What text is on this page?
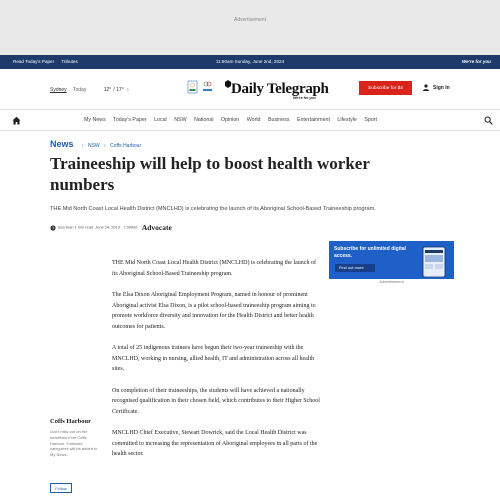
Advertisement
Read Today's Paper Tributes	11:50am Sunday, June 2nd, 2024	We're for you
Sydney Today	12° / 17° ›	Daily Telegraph
We're for you
Subscribe for $4	Sign In
My News Today's Paper Local NSW National Opinion World Business Entertainment Lifestyle Sport
News › NSW › Coffs Harbour
Traineeship will help to boost health worker numbers
THE Mid North Coast Local Health District (MNCLHD) is celebrating the launch of its Aboriginal School-Based Traineeship program.
less than 1 min read June 24, 2013 · 7:30AM Advocate

THE Mid North Coast Local Health District (MNCLHD) is celebrating the launch of its Aboriginal School-Based Traineeship program.

The Elsa Dixon Aboriginal Employment Program, named in honour of prominent Aboriginal activist Elsa Dixon, is a pilot school-based traineeship program aiming to promote workforce diversity and innovation for the Health District and better health outcomes for patients.

A total of 25 indigenous trainees have begun their two-year traineeship with the MNCLHD, working in nursing, allied health, IT and administration across all health sites.

On completion of their traineeships, the students will have achieved a nationally recognised qualification in their chosen field, which contributes to their Higher School Certificate.

MNCLHD Chief Executive, Stewart Dowrick, said the Local Health District was committed to increasing the representation of Aboriginal employees in all parts of the health sector.

Subscribe for unlimited digital access.
Find out more
Advertisement
Coffs Harbour
Don't miss out on the headlines from Coffs Harbour. Followed categories will be added to My News.
Follow
